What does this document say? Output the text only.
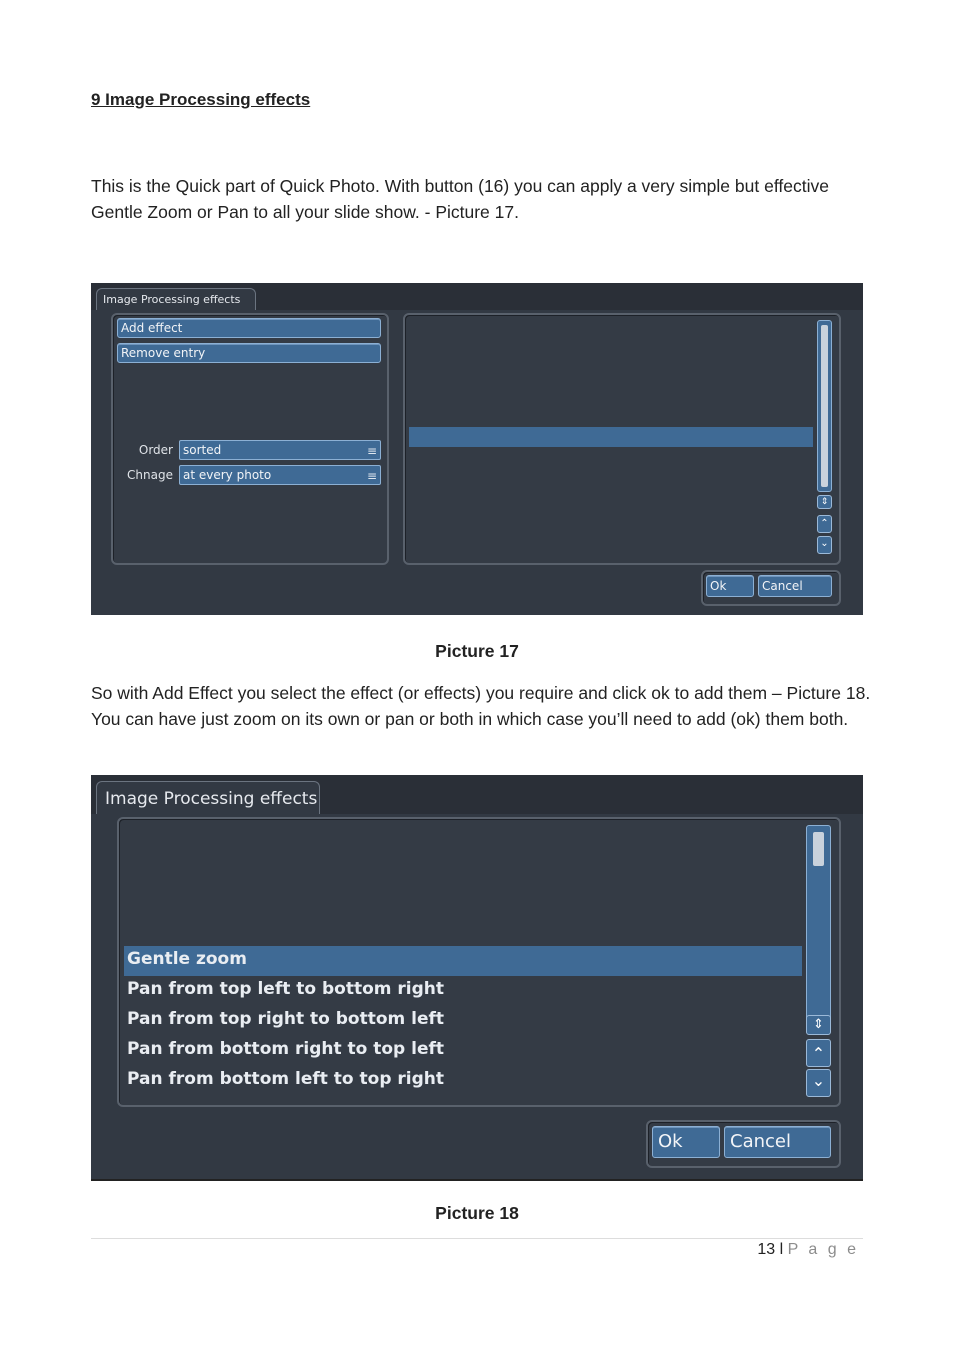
9 Image Processing effects
This is the Quick part of Quick Photo. With button (16) you can apply a very simple but effective Gentle Zoom or Pan to all your slide show. - Picture 17.
Image Processing effects
Add effect
Remove entry
Order sorted	≡
Chnage at every photo	≡
⇕
⌃
⌄
Ok	Cancel
Picture 17
So with Add Effect you select the effect (or effects) you require and click ok to add them – Picture 18. You can have just zoom on its own or pan or both in which case you’ll need to add (ok) them both.
Image Processing effects
Gentle zoom
Pan from top left to bottom right
Pan from top right to bottom left
Pan from bottom right to top left
Pan from bottom left to top right
⇕
⌃
⌄
Ok	Cancel
Picture 18
13 l P a g e
